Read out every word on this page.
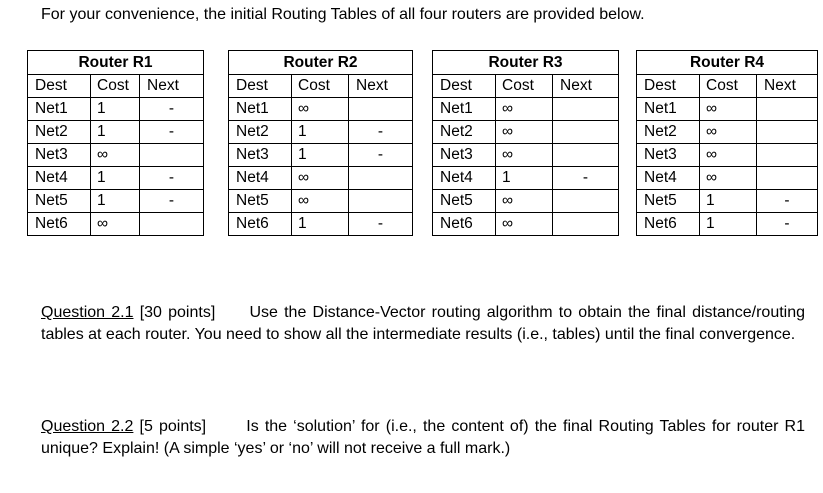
For your convenience, the initial Routing Tables of all four routers are provided below.
Router R1		
Dest	Cost	Next
Net1	1	-
Net2	1	-
Net3	∞	
Net4	1	-
Net5	1	-
Net6	∞	
Router R2		
Dest	Cost	Next
Net1	∞	
Net2	1	-
Net3	1	-
Net4	∞	
Net5	∞	
Net6	1	-
Router R3		
Dest	Cost	Next
Net1	∞	
Net2	∞	
Net3	∞	
Net4	1	-
Net5	∞	
Net6	∞	
Router R4		
Dest	Cost	Next
Net1	∞	
Net2	∞	
Net3	∞	
Net4	∞	
Net5	1	-
Net6	1	-
Question 2.1 [30 points] Use the Distance-Vector routing algorithm to obtain the final distance/routing tables at each router. You need to show all the intermediate results (i.e., tables) until the final convergence.
Question 2.2 [5 points]	Is the ‘solution’ for (i.e., the content of) the final Routing Tables for router R1 unique? Explain! (A simple ‘yes’ or ‘no’ will not receive a full mark.)
